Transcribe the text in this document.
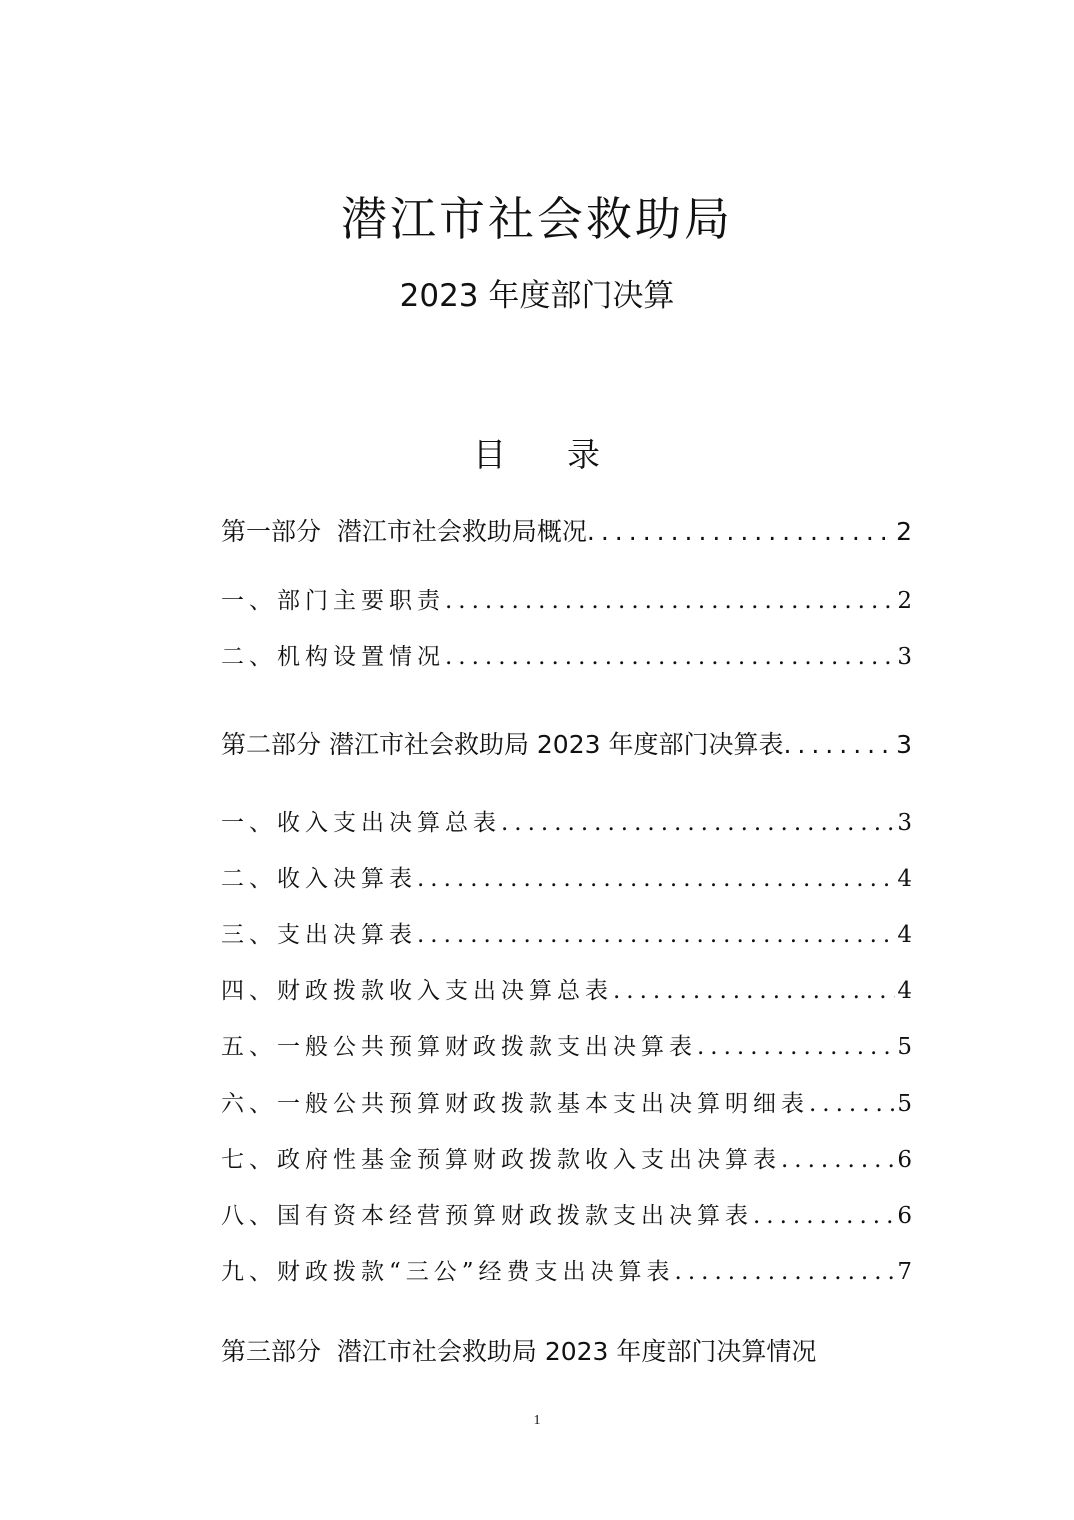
潜江市社会救助局
2023 年度部门决算
目 录
第一部分  潜江市社会救助局概况 .....	2
一、部门主要职责 .....	2
二、机构设置情况 .....	3
第二部分 潜江市社会救助局 2023 年度部门决算表 .....	3
一、收入支出决算总表 .....	3
二、收入决算表 .....	4
三、支出决算表 .....	4
四、财政拨款收入支出决算总表 .....	4
五、一般公共预算财政拨款支出决算表 .....	5
六、一般公共预算财政拨款基本支出决算明细表 .....	5
七、政府性基金预算财政拨款收入支出决算表 .....	6
八、国有资本经营预算财政拨款支出决算表 .....	6
九、财政拨款“三公”经费支出决算表 .....	7
第三部分  潜江市社会救助局 2023 年度部门决算情况
1
